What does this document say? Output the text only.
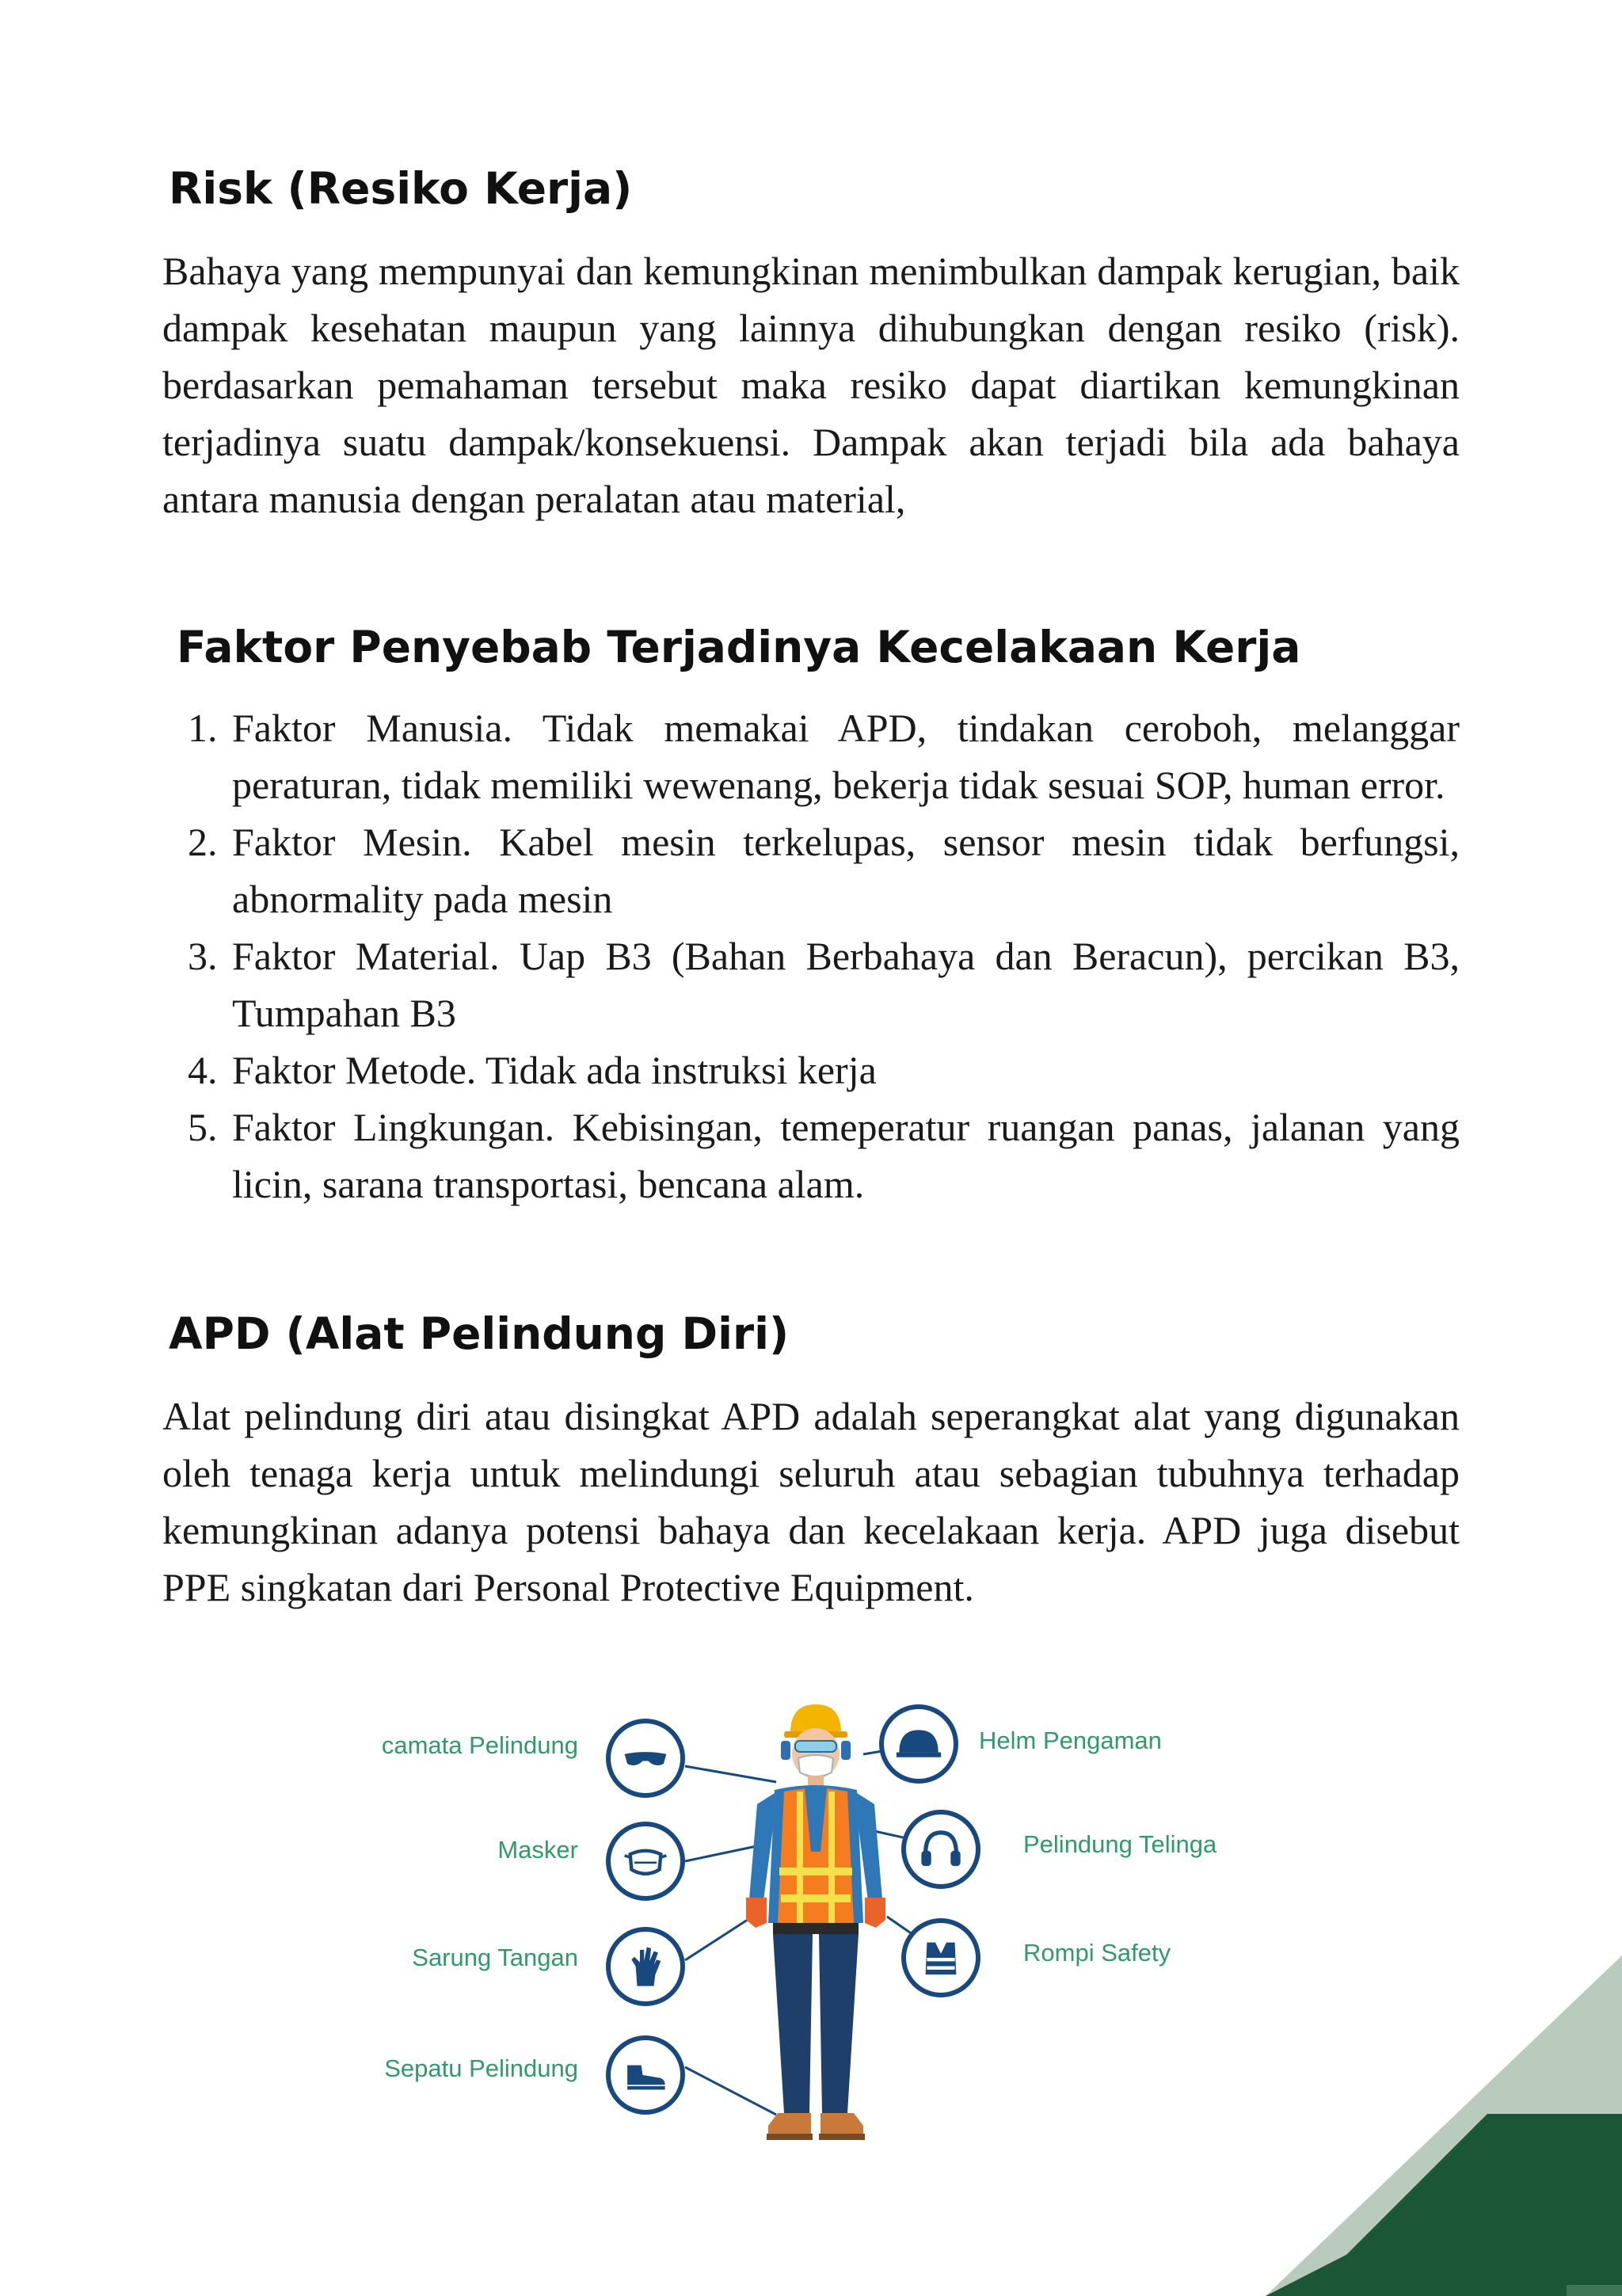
Risk (Resiko Kerja)

Bahaya yang mempunyai dan kemungkinan menimbulkan dampak kerugian, baik dampak kesehatan maupun yang lainnya dihubungkan dengan resiko (risk). berdasarkan pemahaman tersebut maka resiko dapat diartikan kemungkinan terjadinya suatu dampak/konsekuensi. Dampak akan terjadi bila ada bahaya antara manusia dengan peralatan atau material,

Faktor Penyebab Terjadinya Kecelakaan Kerja
1. Faktor Manusia. Tidak memakai APD, tindakan ceroboh, melanggar peraturan, tidak memiliki wewenang, bekerja tidak sesuai SOP, human error.
2. Faktor Mesin. Kabel mesin terkelupas, sensor mesin tidak berfungsi, abnormality pada mesin
3. Faktor Material. Uap B3 (Bahan Berbahaya dan Beracun), percikan B3, Tumpahan B3
4. Faktor Metode. Tidak ada instruksi kerja
5. Faktor Lingkungan. Kebisingan, temeperatur ruangan panas, jalanan yang licin, sarana transportasi, bencana alam.
APD (Alat Pelindung Diri)

Alat pelindung diri atau disingkat APD adalah seperangkat alat yang digunakan oleh tenaga kerja untuk melindungi seluruh atau sebagian tubuhnya terhadap kemungkinan adanya potensi bahaya dan kecelakaan kerja. APD juga disebut PPE singkatan dari Personal Protective Equipment.

camata Pelindung
Masker
Sarung Tangan
Sepatu Pelindung
Helm Pengaman
Pelindung Telinga
Rompi Safety
